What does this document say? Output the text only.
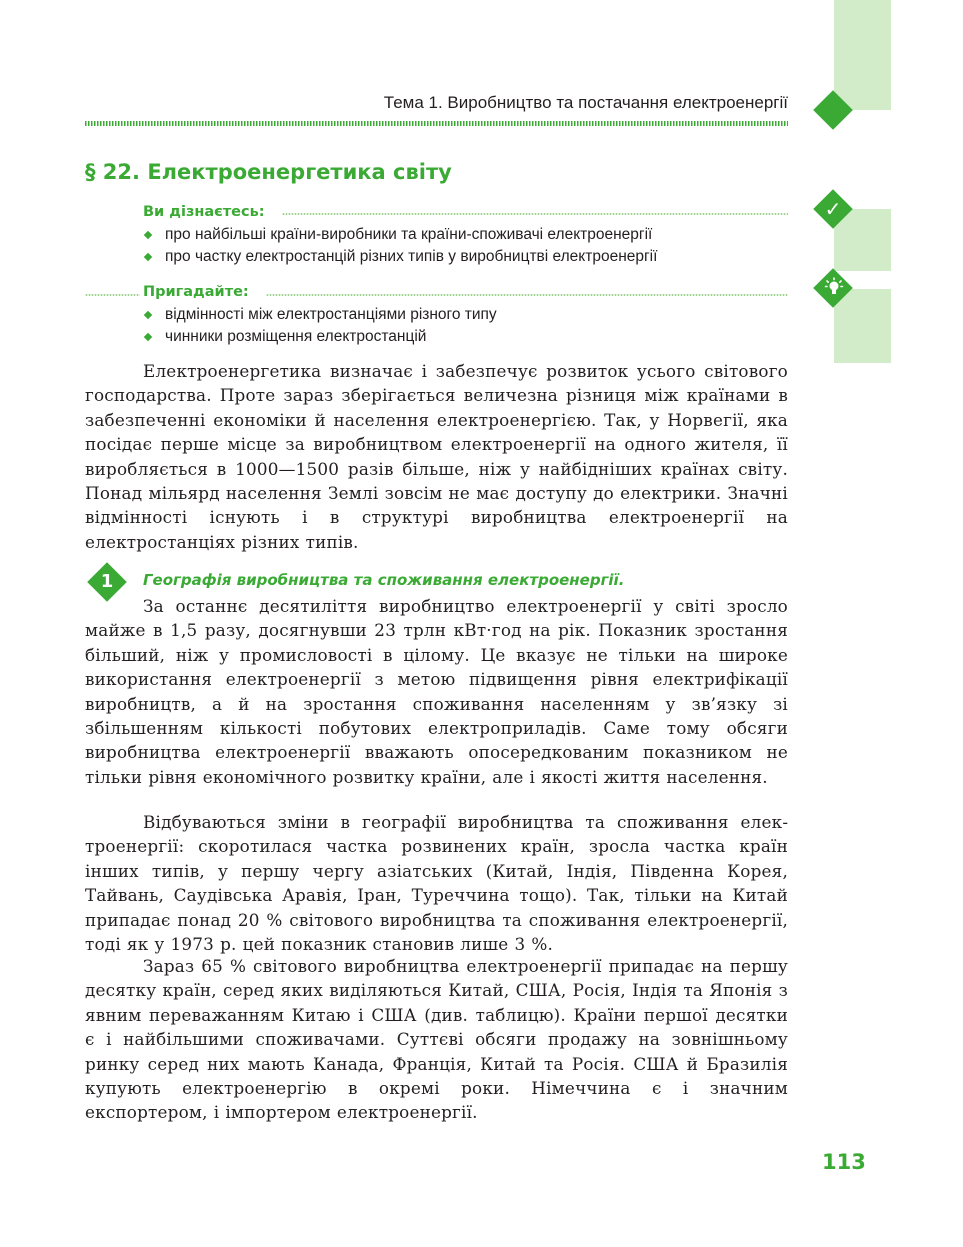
Тема 1. Виробництво та постачання електроенергії
§ 22. Електроенергетика світу
Ви дізнаєтесь:
про найбільші країни-виробники та країни-споживачі електроенергії
про частку електростанцій різних типів у виробництві електроенергії
✓
Пригадайте:
відмінності між електростанціями різного типу
чинники розміщення електростанцій

Електроенергетика визначає і забезпечує розвиток усього світового господарства. Проте зараз зберігається величезна різниця між країнами в забезпеченні економіки й населення електроенергією. Так, у Норвегії, яка посідає перше місце за виробництвом електроенергії на одного жителя, її виробляється в 1000—1500 разів більше, ніж у найбідніших країнах світу. Понад мільярд населення Землі зовсім не має доступу до електрики. Значні відмінності існують і в структурі виробництва електроенергії на електростанціях різних типів.

1	Географія виробництва та споживання електроенергії.

За останнє десятиліття виробництво електроенергії у світі зросло майже в 1,5 разу, досягнувши 23 трлн кВт·год на рік. Показник зростання більший, ніж у промисловості в цілому. Це вказує не тільки на широке використання електроенергії з метою підвищення рівня електрифікації виробництв, а й на зростання споживання населенням у зв’язку зі збільшенням кількості побутових електроприладів. Саме тому обсяги виробництва електроенергії вважають опосередкованим показником не тільки рівня економічного розвитку країни, але і якості життя населення.

Відбуваються зміни в географії виробництва та споживання електроенергії: скоротилася частка розвинених країн, зросла частка країн інших типів, у першу чергу азіатських (Китай, Індія, Південна Корея, Тайвань, Саудівська Аравія, Іран, Туреччина тощо). Так, тільки на Китай припадає понад 20 % світового виробництва та споживання електроенергії, тоді як у 1973 р. цей показник становив лише 3 %.

Зараз 65 % світового виробництва електроенергії припадає на першу десятку країн, серед яких виділяються Китай, США, Росія, Індія та Японія з явним переважанням Китаю і США (див. таблицю). Країни першої десятки є і найбільшими споживачами. Суттєві обсяги продажу на зовнішньому ринку серед них мають Канада, Франція, Китай та Росія. США й Бразилія купують електроенергію в окремі роки. Німеччина є і значним експортером, і імпортером електроенергії.

113
